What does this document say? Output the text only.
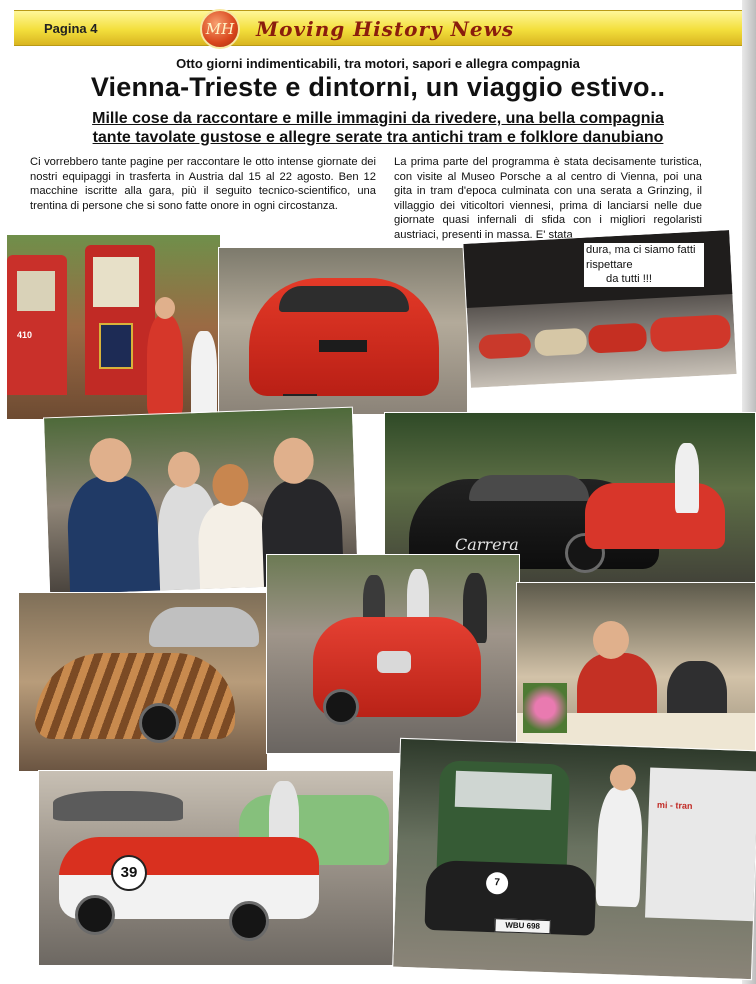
Pagina 4	MH Moving History News
Otto giorni indimenticabili, tra motori, sapori e allegra compagnia
Vienna-Trieste e dintorni, un viaggio estivo..
Mille cose da raccontare e mille immagini da rivedere, una bella compagnia
tante tavolate gustose e allegre serate tra antichi tram e folklore danubiano

Ci vorrebbero tante pagine per raccontare le otto intense giornate dei nostri equipaggi in trasferta in Austria dal 15 al 22 agosto. Ben 12 macchine iscritte alla gara, più il seguito tecnico-scientifico, una trentina di persone che si sono fatte onore in ogni circostanza.

La prima parte del programma è stata decisamente turistica, con visite al Museo Porsche a al centro di Vienna, poi una gita in tram d'epoca culminata con una serata a Grinzing, il villaggio dei viticoltori viennesi, prima di lanciarsi nelle due giornate quasi infernali di sfida con i migliori regolaristi austriaci, presenti in massa. E' stata

410
dura, ma ci siamo fatti rispettare
da tutti !!!
Carrera
39
7
WBU 698
mi - tran
